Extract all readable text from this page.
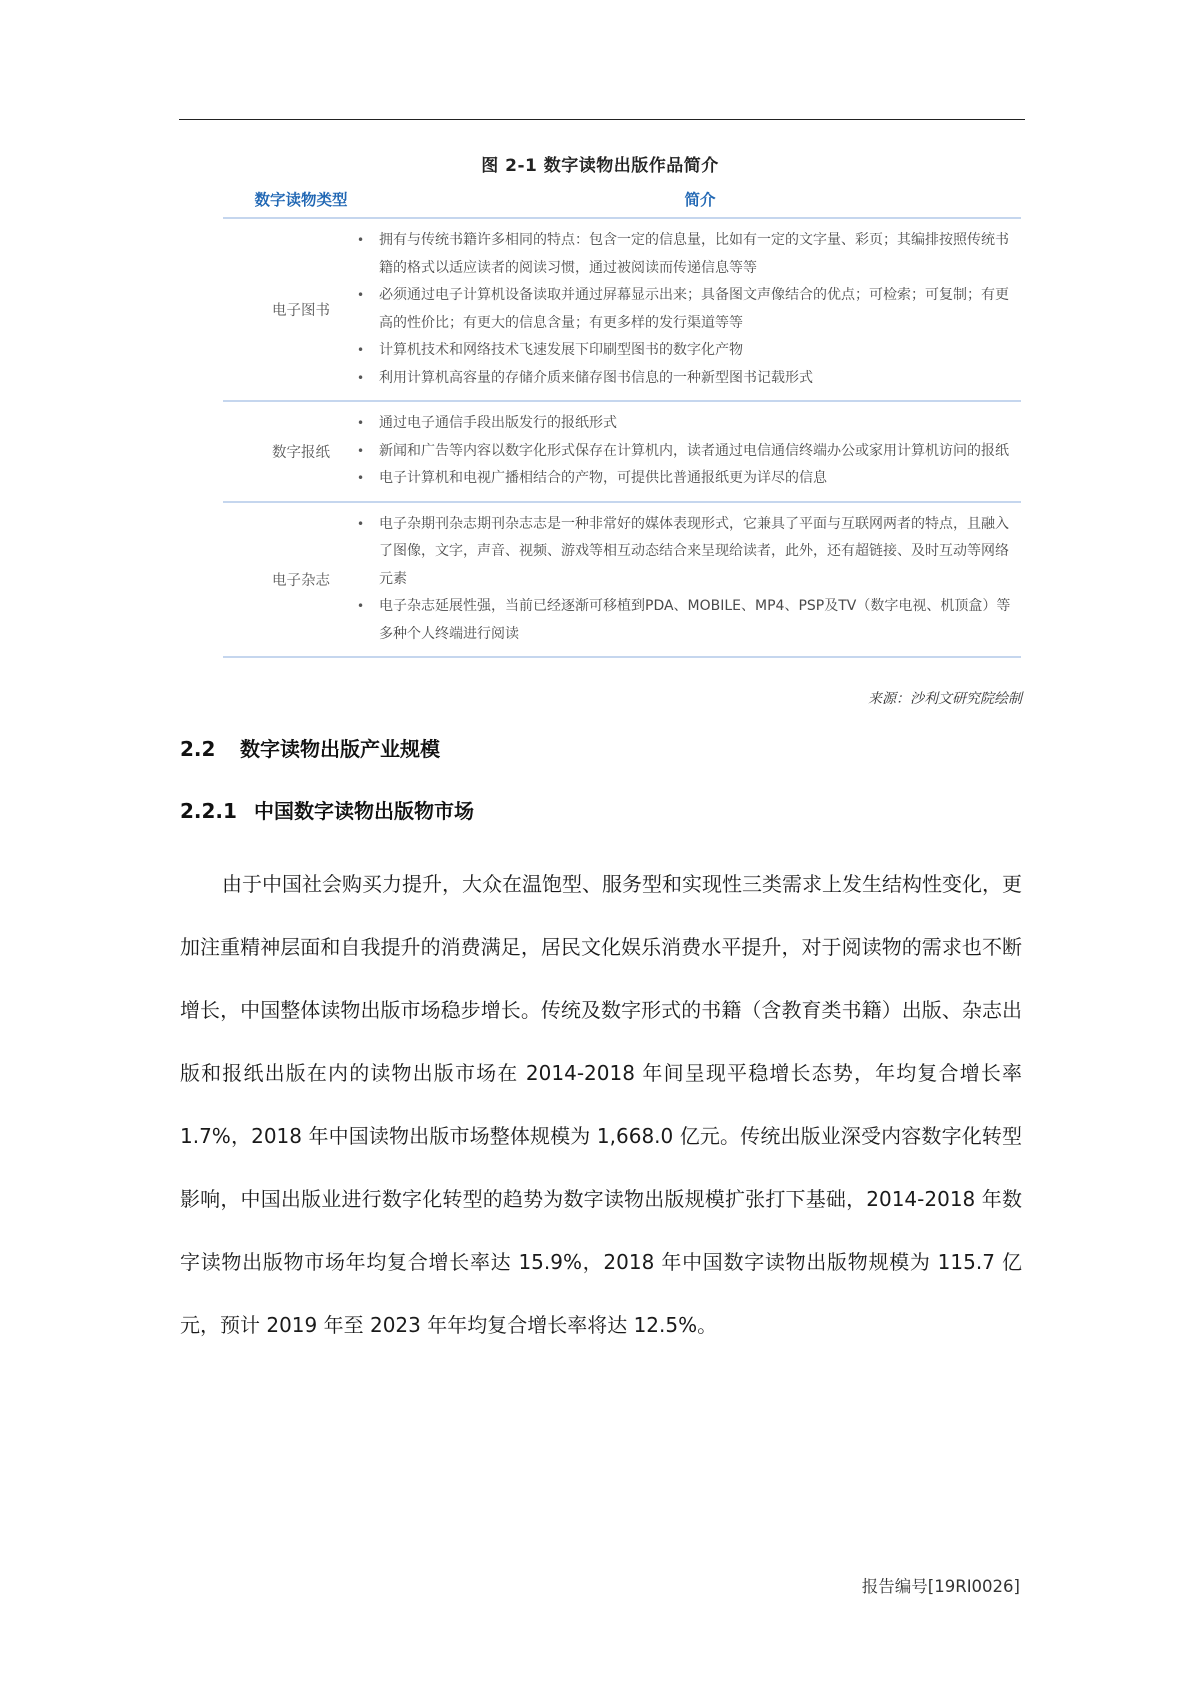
图 2-1 数字读物出版作品简介
数字读物类型	简介
电子图书	
• 拥有与传统书籍许多相同的特点：包含一定的信息量，比如有一定的文字量、彩页；其编排按照传统书籍的格式以适应读者的阅读习惯，通过被阅读而传递信息等等
• 必须通过电子计算机设备读取并通过屏幕显示出来；具备图文声像结合的优点；可检索；可复制；有更高的性价比；有更大的信息含量；有更多样的发行渠道等等
• 计算机技术和网络技术飞速发展下印刷型图书的数字化产物
• 利用计算机高容量的存储介质来储存图书信息的一种新型图书记载形式

数字报纸	
• 通过电子通信手段出版发行的报纸形式
• 新闻和广告等内容以数字化形式保存在计算机内，读者通过电信通信终端办公或家用计算机访问的报纸
• 电子计算机和电视广播相结合的产物，可提供比普通报纸更为详尽的信息

电子杂志	
• 电子杂期刊杂志期刊杂志志是一种非常好的媒体表现形式，它兼具了平面与互联网两者的特点，且融入了图像，文字，声音、视频、游戏等相互动态结合来呈现给读者，此外，还有超链接、及时互动等网络元素
• 电子杂志延展性强，当前已经逐渐可移植到PDA、MOBILE、MP4、PSP及TV（数字电视、机顶盒）等多种个人终端进行阅读
来源：沙利文研究院绘制
2.2 数字读物出版产业规模
2.2.1 中国数字读物出版物市场

由于中国社会购买力提升，大众在温饱型、服务型和实现性三类需求上发生结构性变化，更加注重精神层面和自我提升的消费满足，居民文化娱乐消费水平提升，对于阅读物的需求也不断增长，中国整体读物出版市场稳步增长。传统及数字形式的书籍（含教育类书籍）出版、杂志出版和报纸出版在内的读物出版市场在 2014-2018 年间呈现平稳增长态势，年均复合增长率 1.7%，2018 年中国读物出版市场整体规模为 1,668.0 亿元。传统出版业深受内容数字化转型影响，中国出版业进行数字化转型的趋势为数字读物出版规模扩张打下基础，2014-2018 年数字读物出版物市场年均复合增长率达 15.9%，2018 年中国数字读物出版物规模为 115.7 亿元，预计 2019 年至 2023 年年均复合增长率将达 12.5%。

报告编号[19RI0026]
